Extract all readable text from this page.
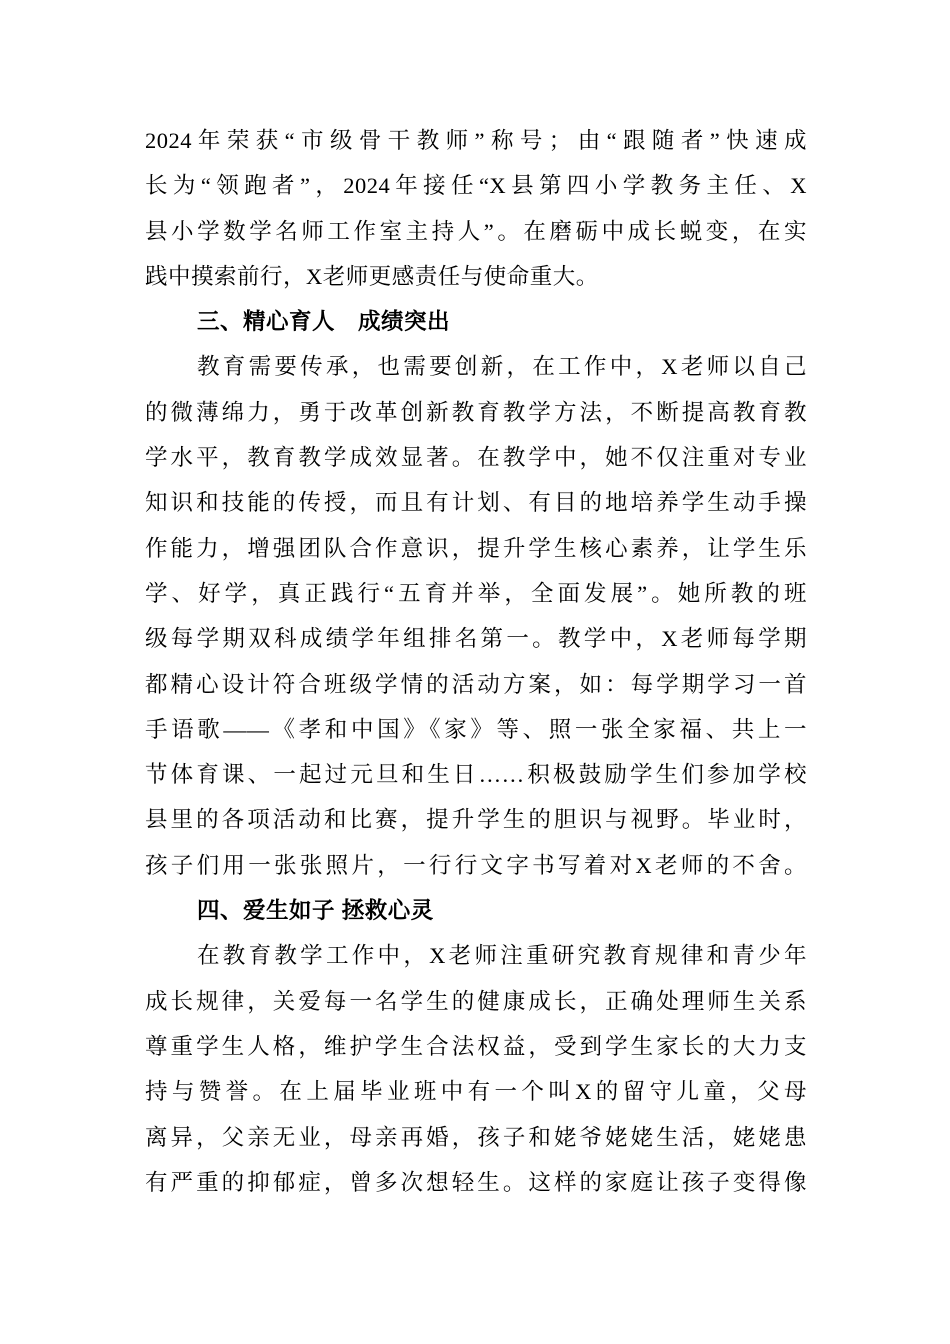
2024年荣获“市级骨干教师”称号；由“跟随者”快速成
长为“领跑者”，2024年接任“X县第四小学教务主任、X
县小学数学名师工作室主持人”。在磨砺中成长蜕变，在实
践中摸索前行，X老师更感责任与使命重大。
三、精心育人　成绩突出
教育需要传承，也需要创新，在工作中，X老师以自己
的微薄绵力，勇于改革创新教育教学方法，不断提高教育教
学水平，教育教学成效显著。在教学中，她不仅注重对专业
知识和技能的传授，而且有计划、有目的地培养学生动手操
作能力，增强团队合作意识，提升学生核心素养，让学生乐
学、好学，真正践行“五育并举，全面发展”。她所教的班
级每学期双科成绩学年组排名第一。教学中，X老师每学期
都精心设计符合班级学情的活动方案，如：每学期学习一首
手语歌——《孝和中国》《家》等、照一张全家福、共上一
节体育课、一起过元旦和生日……积极鼓励学生们参加学校
县里的各项活动和比赛，提升学生的胆识与视野。毕业时，
孩子们用一张张照片，一行行文字书写着对X老师的不舍。
四、爱生如子 拯救心灵
在教育教学工作中，X老师注重研究教育规律和青少年
成长规律，关爱每一名学生的健康成长，正确处理师生关系
尊重学生人格，维护学生合法权益，受到学生家长的大力支
持与赞誉。在上届毕业班中有一个叫X的留守儿童，父母
离异，父亲无业，母亲再婚，孩子和姥爷姥姥生活，姥姥患
有严重的抑郁症，曾多次想轻生。这样的家庭让孩子变得像
